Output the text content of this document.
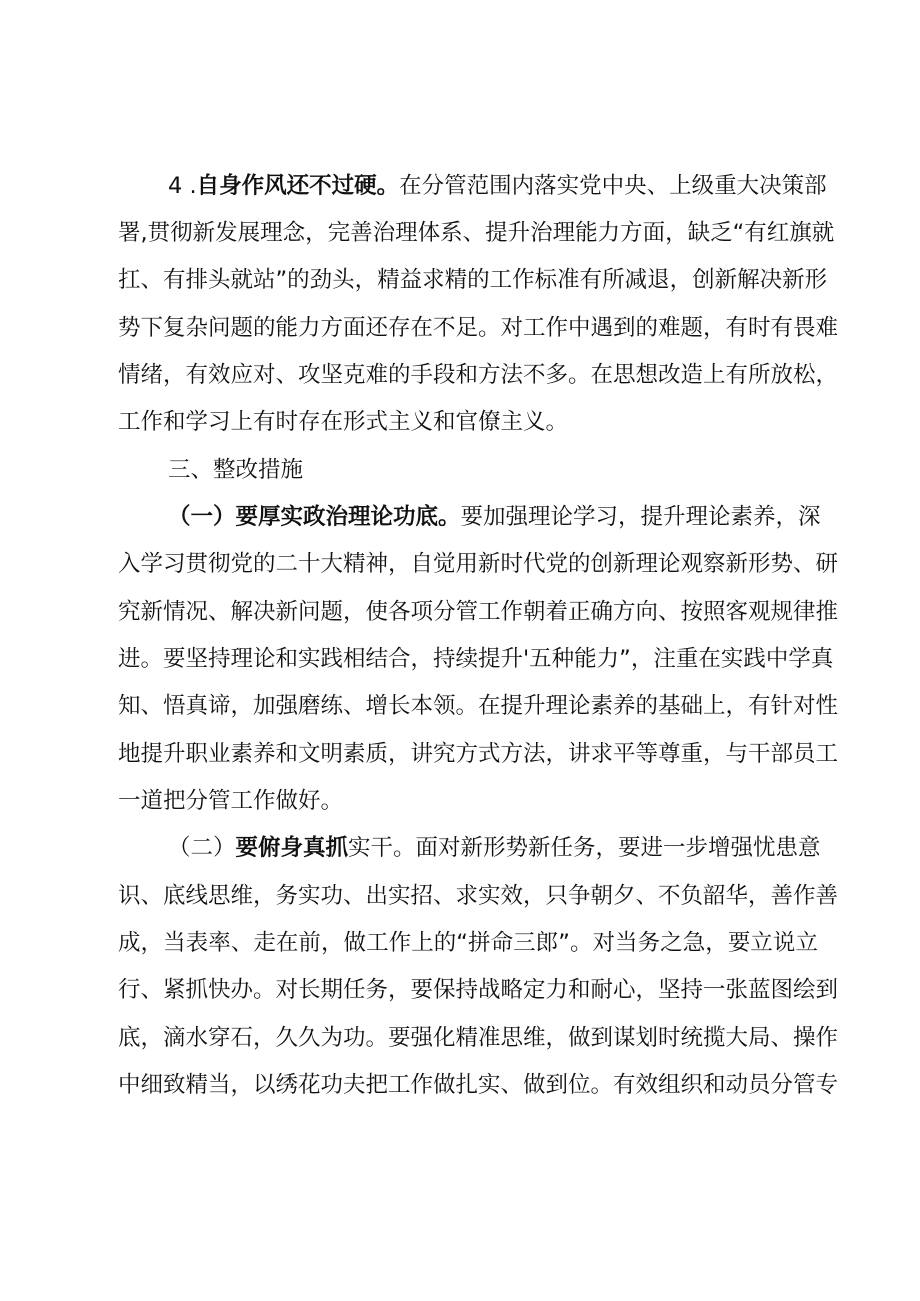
4 .自身作风还不过硬。在分管范围内落实党中央、上级重大决策部
署,贯彻新发展理念，完善治理体系、提升治理能力方面，缺乏“有红旗就
扛、有排头就站”的劲头，精益求精的工作标准有所减退，创新解决新形
势下复杂问题的能力方面还存在不足。对工作中遇到的难题，有时有畏难
情绪，有效应对、攻坚克难的手段和方法不多。在思想改造上有所放松，
工作和学习上有时存在形式主义和官僚主义。
三、整改措施
（一）要厚实政治理论功底。要加强理论学习，提升理论素养，深
入学习贯彻党的二十大精神，自觉用新时代党的创新理论观察新形势、研
究新情况、解决新问题，使各项分管工作朝着正确方向、按照客观规律推
进。要坚持理论和实践相结合，持续提升'五种能力”，注重在实践中学真
知、悟真谛，加强磨练、增长本领。在提升理论素养的基础上，有针对性
地提升职业素养和文明素质，讲究方式方法，讲求平等尊重，与干部员工
一道把分管工作做好。
（二）要俯身真抓实干。面对新形势新任务，要进一步增强忧患意
识、底线思维，务实功、出实招、求实效，只争朝夕、不负韶华，善作善
成，当表率、走在前，做工作上的“拼命三郎”。对当务之急，要立说立
行、紧抓快办。对长期任务，要保持战略定力和耐心，坚持一张蓝图绘到
底，滴水穿石，久久为功。要强化精准思维，做到谋划时统揽大局、操作
中细致精当，以绣花功夫把工作做扎实、做到位。有效组织和动员分管专
